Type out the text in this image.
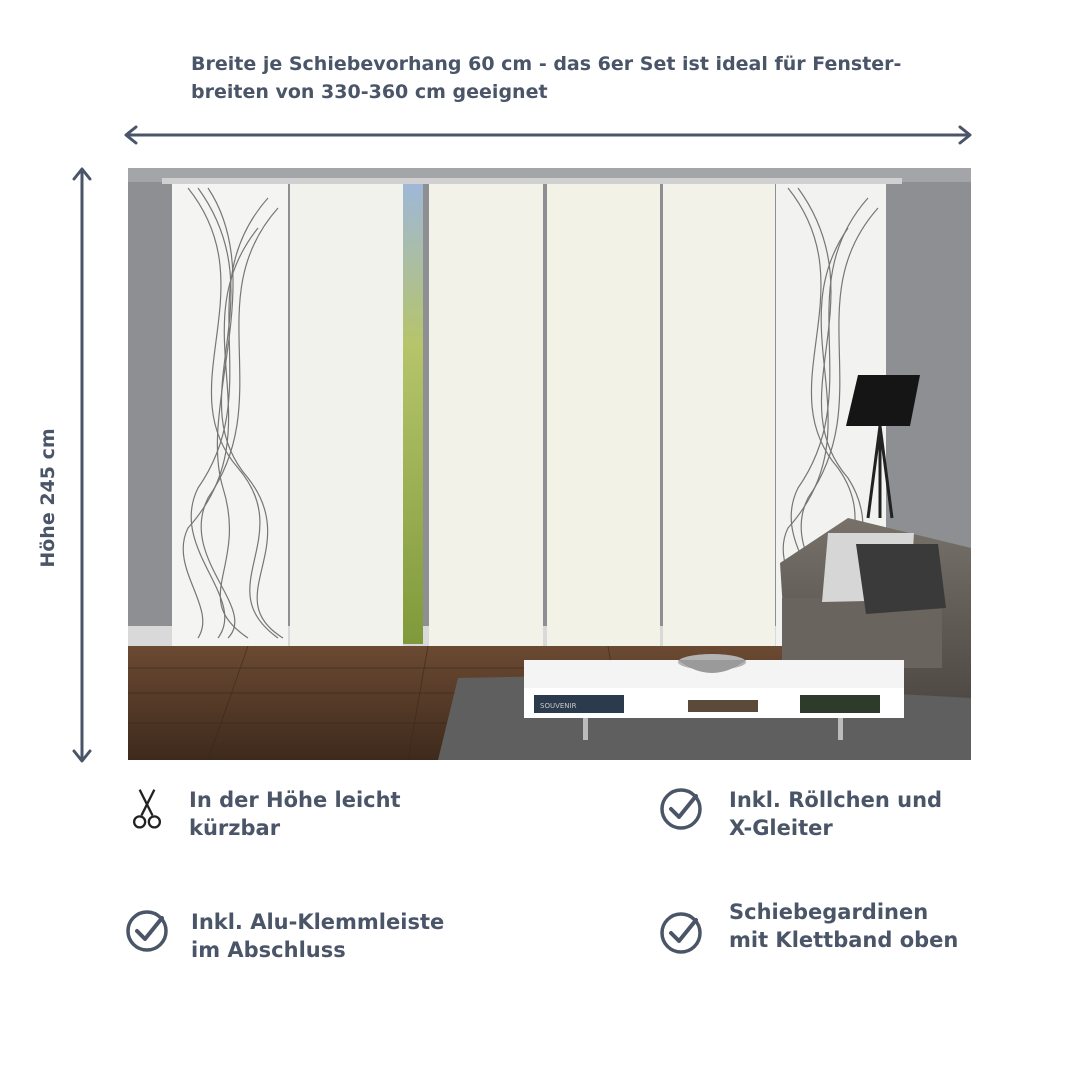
Breite je Schiebevorhang 60 cm - das 6er Set ist ideal für Fenster-
breiten von 330-360 cm geeignet
Höhe 245 cm
SOUVENIR
In der Höhe leicht
kürzbar
Inkl. Röllchen und
X-Gleiter
Inkl. Alu-Klemmleiste
im Abschluss
Schiebegardinen
mit Klettband oben
